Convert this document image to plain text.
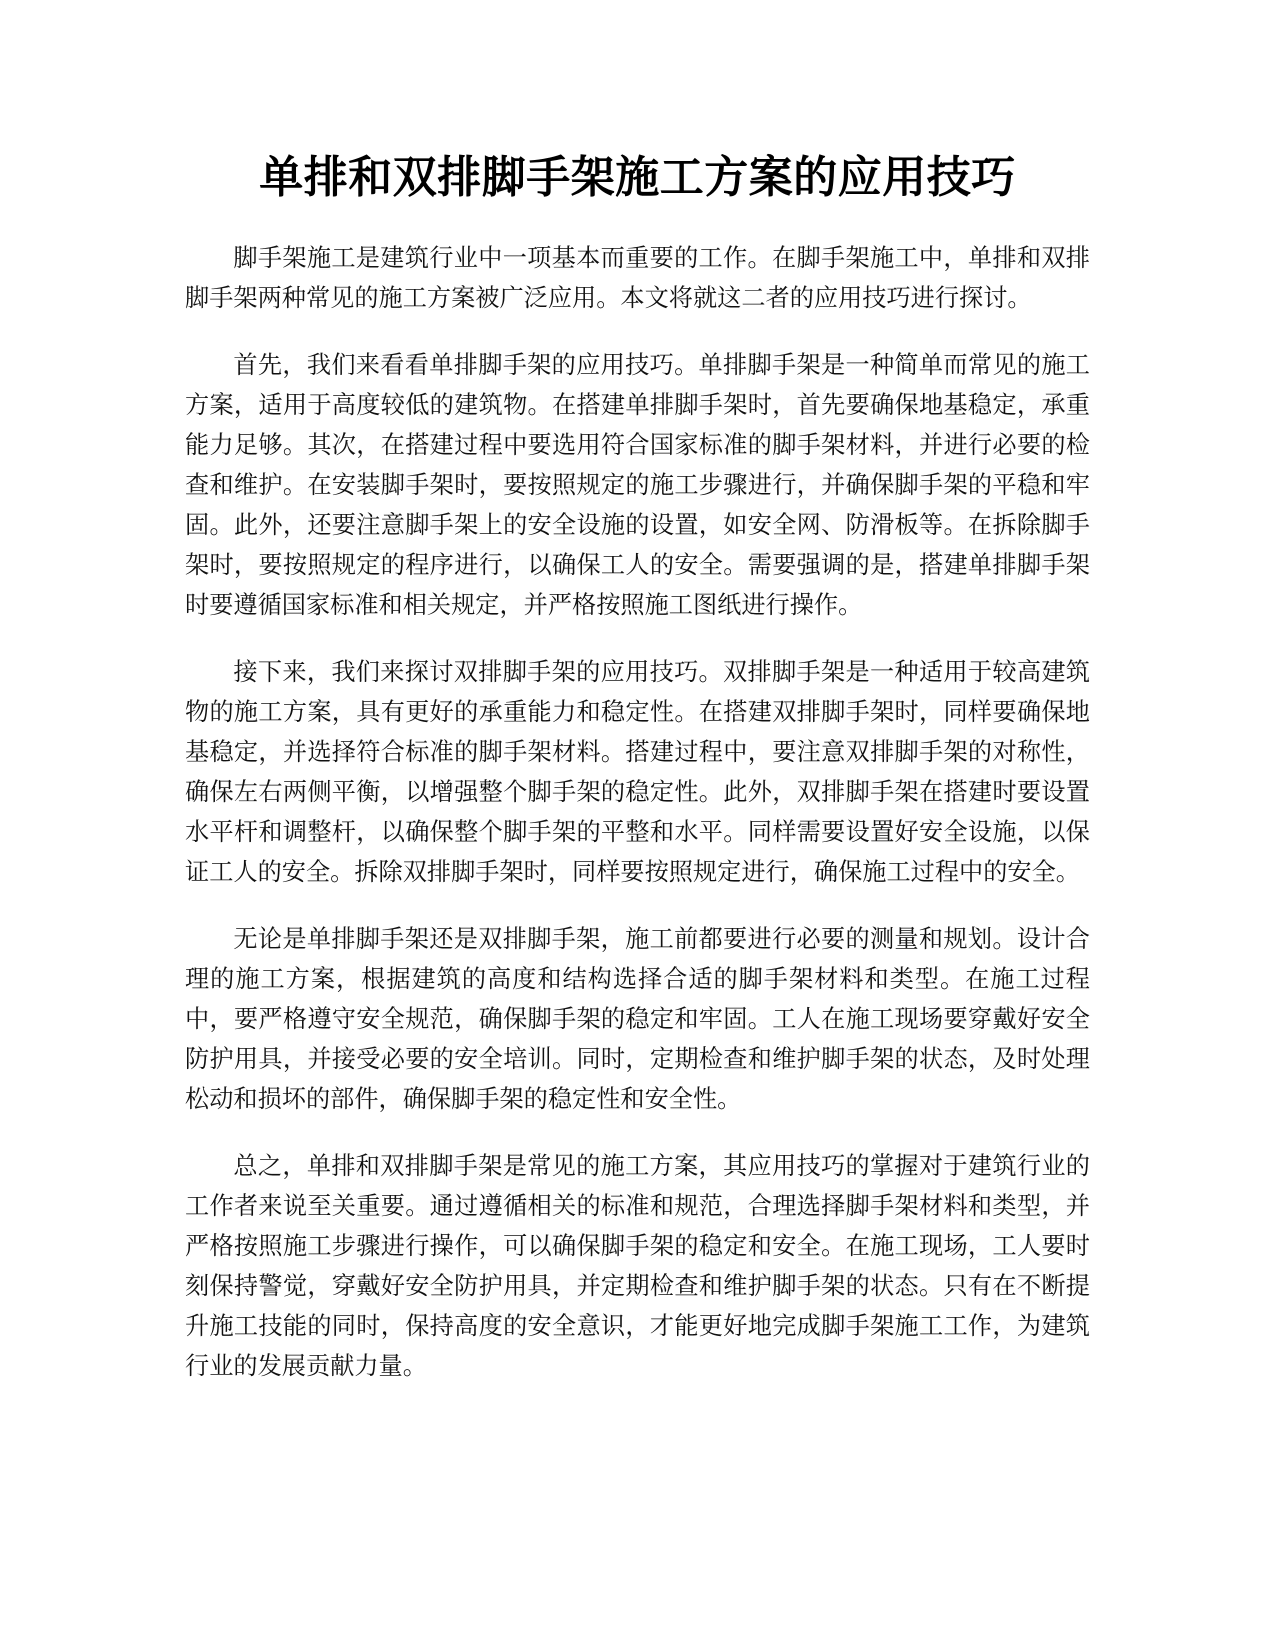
单排和双排脚手架施工方案的应用技巧

脚手架施工是建筑行业中一项基本而重要的工作。在脚手架施工中，单排和双排脚手架两种常见的施工方案被广泛应用。本文将就这二者的应用技巧进行探讨。

首先，我们来看看单排脚手架的应用技巧。单排脚手架是一种简单而常见的施工方案，适用于高度较低的建筑物。在搭建单排脚手架时，首先要确保地基稳定，承重能力足够。其次，在搭建过程中要选用符合国家标准的脚手架材料，并进行必要的检查和维护。在安装脚手架时，要按照规定的施工步骤进行，并确保脚手架的平稳和牢固。此外，还要注意脚手架上的安全设施的设置，如安全网、防滑板等。在拆除脚手架时，要按照规定的程序进行，以确保工人的安全。需要强调的是，搭建单排脚手架时要遵循国家标准和相关规定，并严格按照施工图纸进行操作。

接下来，我们来探讨双排脚手架的应用技巧。双排脚手架是一种适用于较高建筑物的施工方案，具有更好的承重能力和稳定性。在搭建双排脚手架时，同样要确保地基稳定，并选择符合标准的脚手架材料。搭建过程中，要注意双排脚手架的对称性，确保左右两侧平衡，以增强整个脚手架的稳定性。此外，双排脚手架在搭建时要设置水平杆和调整杆，以确保整个脚手架的平整和水平。同样需要设置好安全设施，以保证工人的安全。拆除双排脚手架时，同样要按照规定进行，确保施工过程中的安全。

无论是单排脚手架还是双排脚手架，施工前都要进行必要的测量和规划。设计合理的施工方案，根据建筑的高度和结构选择合适的脚手架材料和类型。在施工过程中，要严格遵守安全规范，确保脚手架的稳定和牢固。工人在施工现场要穿戴好安全防护用具，并接受必要的安全培训。同时，定期检查和维护脚手架的状态，及时处理松动和损坏的部件，确保脚手架的稳定性和安全性。

总之，单排和双排脚手架是常见的施工方案，其应用技巧的掌握对于建筑行业的工作者来说至关重要。通过遵循相关的标准和规范，合理选择脚手架材料和类型，并严格按照施工步骤进行操作，可以确保脚手架的稳定和安全。在施工现场，工人要时刻保持警觉，穿戴好安全防护用具，并定期检查和维护脚手架的状态。只有在不断提升施工技能的同时，保持高度的安全意识，才能更好地完成脚手架施工工作，为建筑行业的发展贡献力量。
